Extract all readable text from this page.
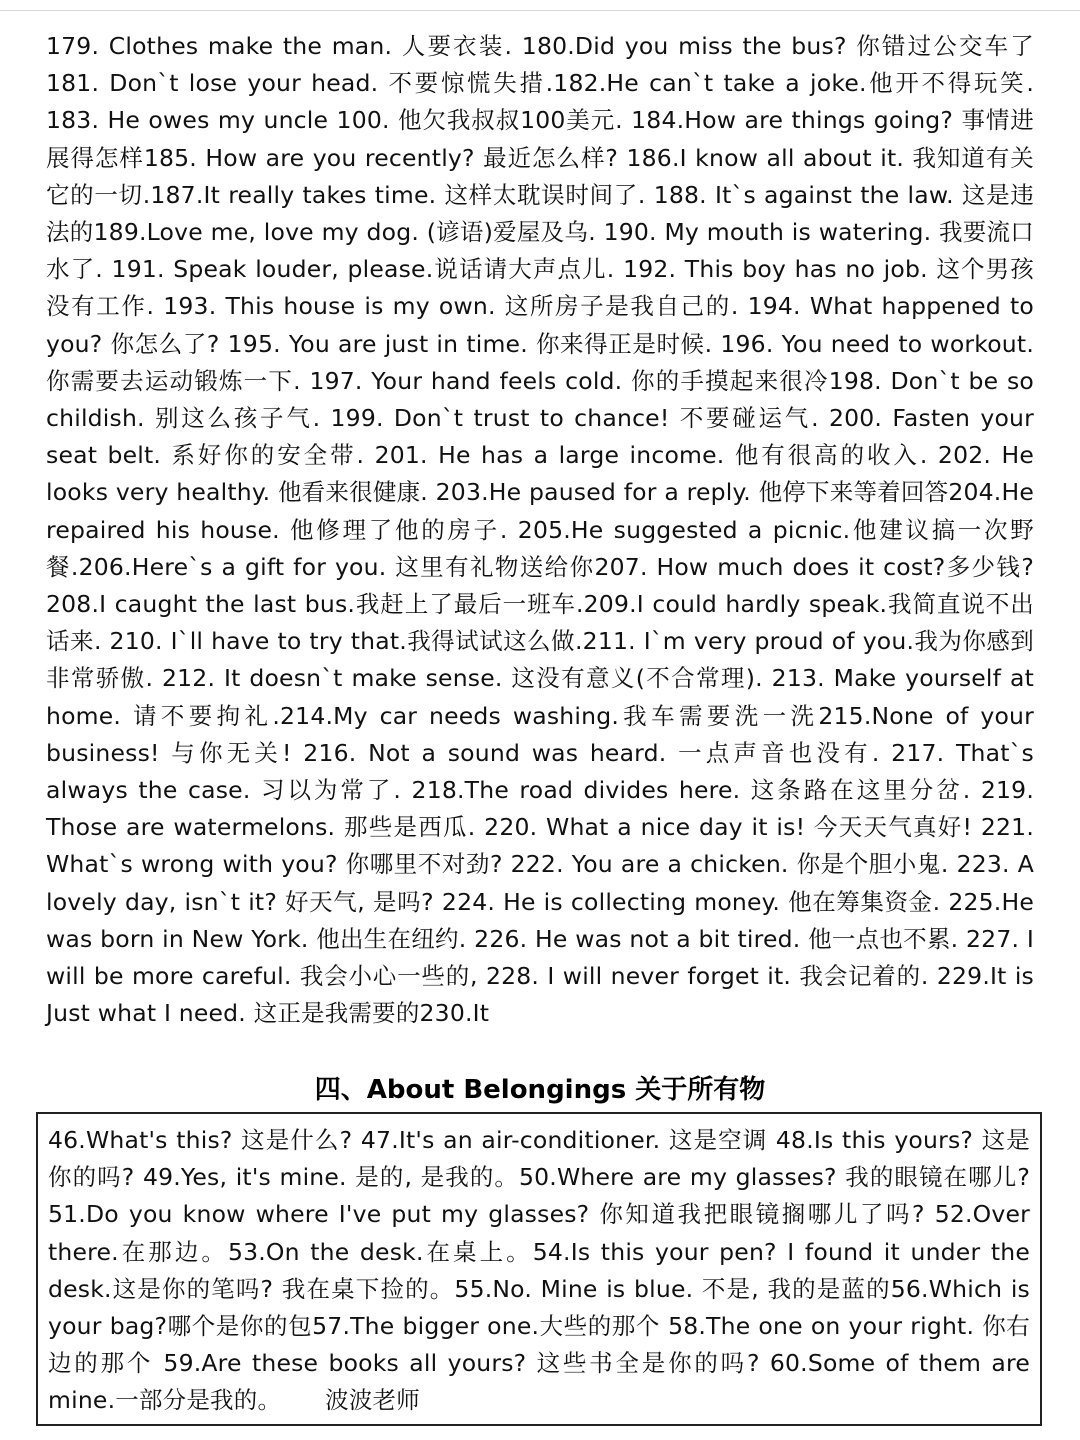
179. Clothes make the man. 人要衣装. 180.Did you miss the bus? 你错过公交车了181. Don`t lose your head. 不要惊慌失措.182.He can`t take a joke.他开不得玩笑. 183. He owes my uncle 100. 他欠我叔叔100美元. 184.How are things going? 事情进展得怎样185. How are you recently? 最近怎么样? 186.I know all about it. 我知道有关它的一切.187.It really takes time. 这样太耽误时间了. 188. It`s against the law. 这是违法的189.Love me, love my dog. (谚语)爱屋及乌. 190. My mouth is watering. 我要流口水了. 191. Speak louder, please.说话请大声点儿. 192. This boy has no job. 这个男孩没有工作. 193. This house is my own. 这所房子是我自己的. 194. What happened to you? 你怎么了? 195. You are just in time. 你来得正是时候. 196. You need to workout. 你需要去运动锻炼一下. 197. Your hand feels cold. 你的手摸起来很冷198. Don`t be so childish. 别这么孩子气. 199. Don`t trust to chance! 不要碰运气. 200. Fasten your seat belt. 系好你的安全带. 201. He has a large income. 他有很高的收入. 202. He looks very healthy. 他看来很健康. 203.He paused for a reply. 他停下来等着回答204.He repaired his house. 他修理了他的房子. 205.He suggested a picnic.他建议搞一次野餐.206.Here`s a gift for you. 这里有礼物送给你207. How much does it cost?多少钱?208.I caught the last bus.我赶上了最后一班车.209.I could hardly speak.我简直说不出话来. 210. I`ll have to try that.我得试试这么做.211. I`m very proud of you.我为你感到非常骄傲. 212. It doesn`t make sense. 这没有意义(不合常理). 213. Make yourself at home. 请不要拘礼.214.My car needs washing.我车需要洗一洗215.None of your business! 与你无关! 216. Not a sound was heard. 一点声音也没有. 217. That`s always the case. 习以为常了. 218.The road divides here. 这条路在这里分岔. 219. Those are watermelons. 那些是西瓜. 220. What a nice day it is! 今天天气真好! 221. What`s wrong with you? 你哪里不对劲? 222. You are a chicken. 你是个胆小鬼. 223. A lovely day, isn`t it? 好天气, 是吗? 224. He is collecting money. 他在筹集资金. 225.He was born in New York. 他出生在纽约. 226. He was not a bit tired. 他一点也不累. 227. I will be more careful. 我会小心一些的, 228. I will never forget it. 我会记着的. 229.It is Just what I need. 这正是我需要的230.It

四、About Belongings 关于所有物

46.What's this? 这是什么? 47.It's an air-conditioner. 这是空调 48.Is this yours? 这是你的吗? 49.Yes, it's mine. 是的, 是我的。50.Where are my glasses? 我的眼镜在哪儿? 51.Do you know where I've put my glasses? 你知道我把眼镜搁哪儿了吗? 52.Over there.在那边。53.On the desk.在桌上。54.Is this your pen? I found it under the desk.这是你的笔吗? 我在桌下捡的。55.No. Mine is blue. 不是, 我的是蓝的56.Which is your bag?哪个是你的包57.The bigger one.大些的那个 58.The one on your right. 你右边的那个 59.Are these books all yours? 这些书全是你的吗? 60.Some of them are mine.一部分是我的。 波波老师
